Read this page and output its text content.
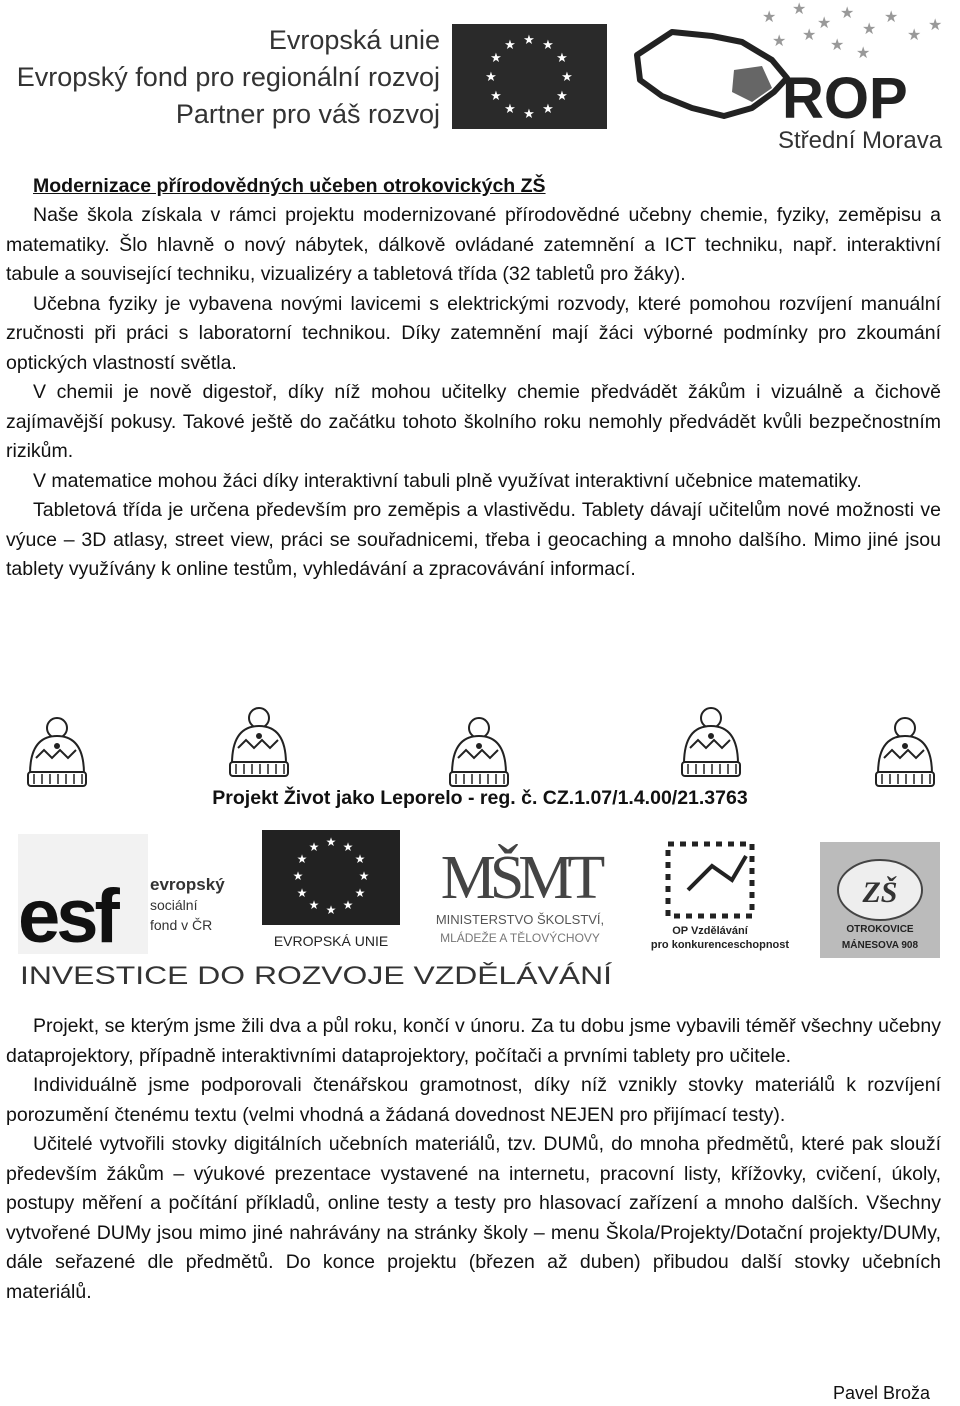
Evropská unie
Evropský fond pro regionální rozvoj
Partner pro váš rozvoj
★ ★
★
★
★
★
★
★
★
★
★
★
★ ★
★
★
★
★
★
★
★ ★
★ ★
ROP
Střední Morava
Modernizace přírodovědných učeben otrokovických ZŠ

Naše škola získala v rámci projektu modernizované přírodovědné učebny chemie, fyziky, zeměpisu a matematiky. Šlo hlavně o nový nábytek, dálkově ovládané zatemnění a ICT techniku, např. interaktivní tabule a související techniku, vizualizéry a tabletová třída (32 tabletů pro žáky).

Učebna fyziky je vybavena novými lavicemi s elektrickými rozvody, které pomohou rozvíjení manuální zručnosti při práci s laboratorní technikou. Díky zatemnění mají žáci výborné podmínky pro zkoumání optických vlastností světla.

V chemii je nově digestoř, díky níž mohou učitelky chemie předvádět žákům i vizuálně a čichově zajímavější pokusy. Takové ještě do začátku tohoto školního roku nemohly předvádět kvůli bezpečnostním rizikům.

V matematice mohou žáci díky interaktivní tabuli plně využívat interaktivní učebnice matematiky.

Tabletová třída je určena především pro zeměpis a vlastivědu. Tablety dávají učitelům nové možnosti ve výuce – 3D atlasy, street view, práci se souřadnicemi, třeba i geocaching a mnoho dalšího. Mimo jiné jsou tablety využívány k online testům, vyhledávání a zpracovávání informací.

Projekt Život jako Leporelo - reg. č. CZ.1.07/1.4.00/21.3763
esf evropský
sociální
fond v ČR
★ ★
★
★
★
★
★
★
★
★
★
★
EVROPSKÁ UNIE
MŠMT
MINISTERSTVO ŠKOLSTVÍ,
MLÁDEŽE A TĚLOVÝCHOVY	OP Vzdělávání
pro konkurenceschopnost
ZŠ
OTROKOVICE
MÁNESOVA 908
INVESTICE DO ROZVOJE VZDĚLÁVÁNÍ

Projekt, se kterým jsme žili dva a půl roku, končí v únoru. Za tu dobu jsme vybavili téměř všechny učebny dataprojektory, případně interaktivními dataprojektory, počítači a prvními tablety pro učitele.

Individuálně jsme podporovali čtenářskou gramotnost, díky níž vznikly stovky materiálů k rozvíjení porozumění čtenému textu (velmi vhodná a žádaná dovednost NEJEN pro přijímací testy).

Učitelé vytvořili stovky digitálních učebních materiálů, tzv. DUMů, do mnoha předmětů, které pak slouží především žákům – výukové prezentace vystavené na internetu, pracovní listy, křížovky, cvičení, úkoly, postupy měření a počítání příkladů, online testy a testy pro hlasovací zařízení a mnoho dalších. Všechny vytvořené DUMy jsou mimo jiné nahrávány na stránky školy – menu Škola/Projekty/Dotační projekty/DUMy, dále seřazené dle předmětů. Do konce projektu (březen až duben) přibudou další stovky učebních materiálů.

Pavel Broža
